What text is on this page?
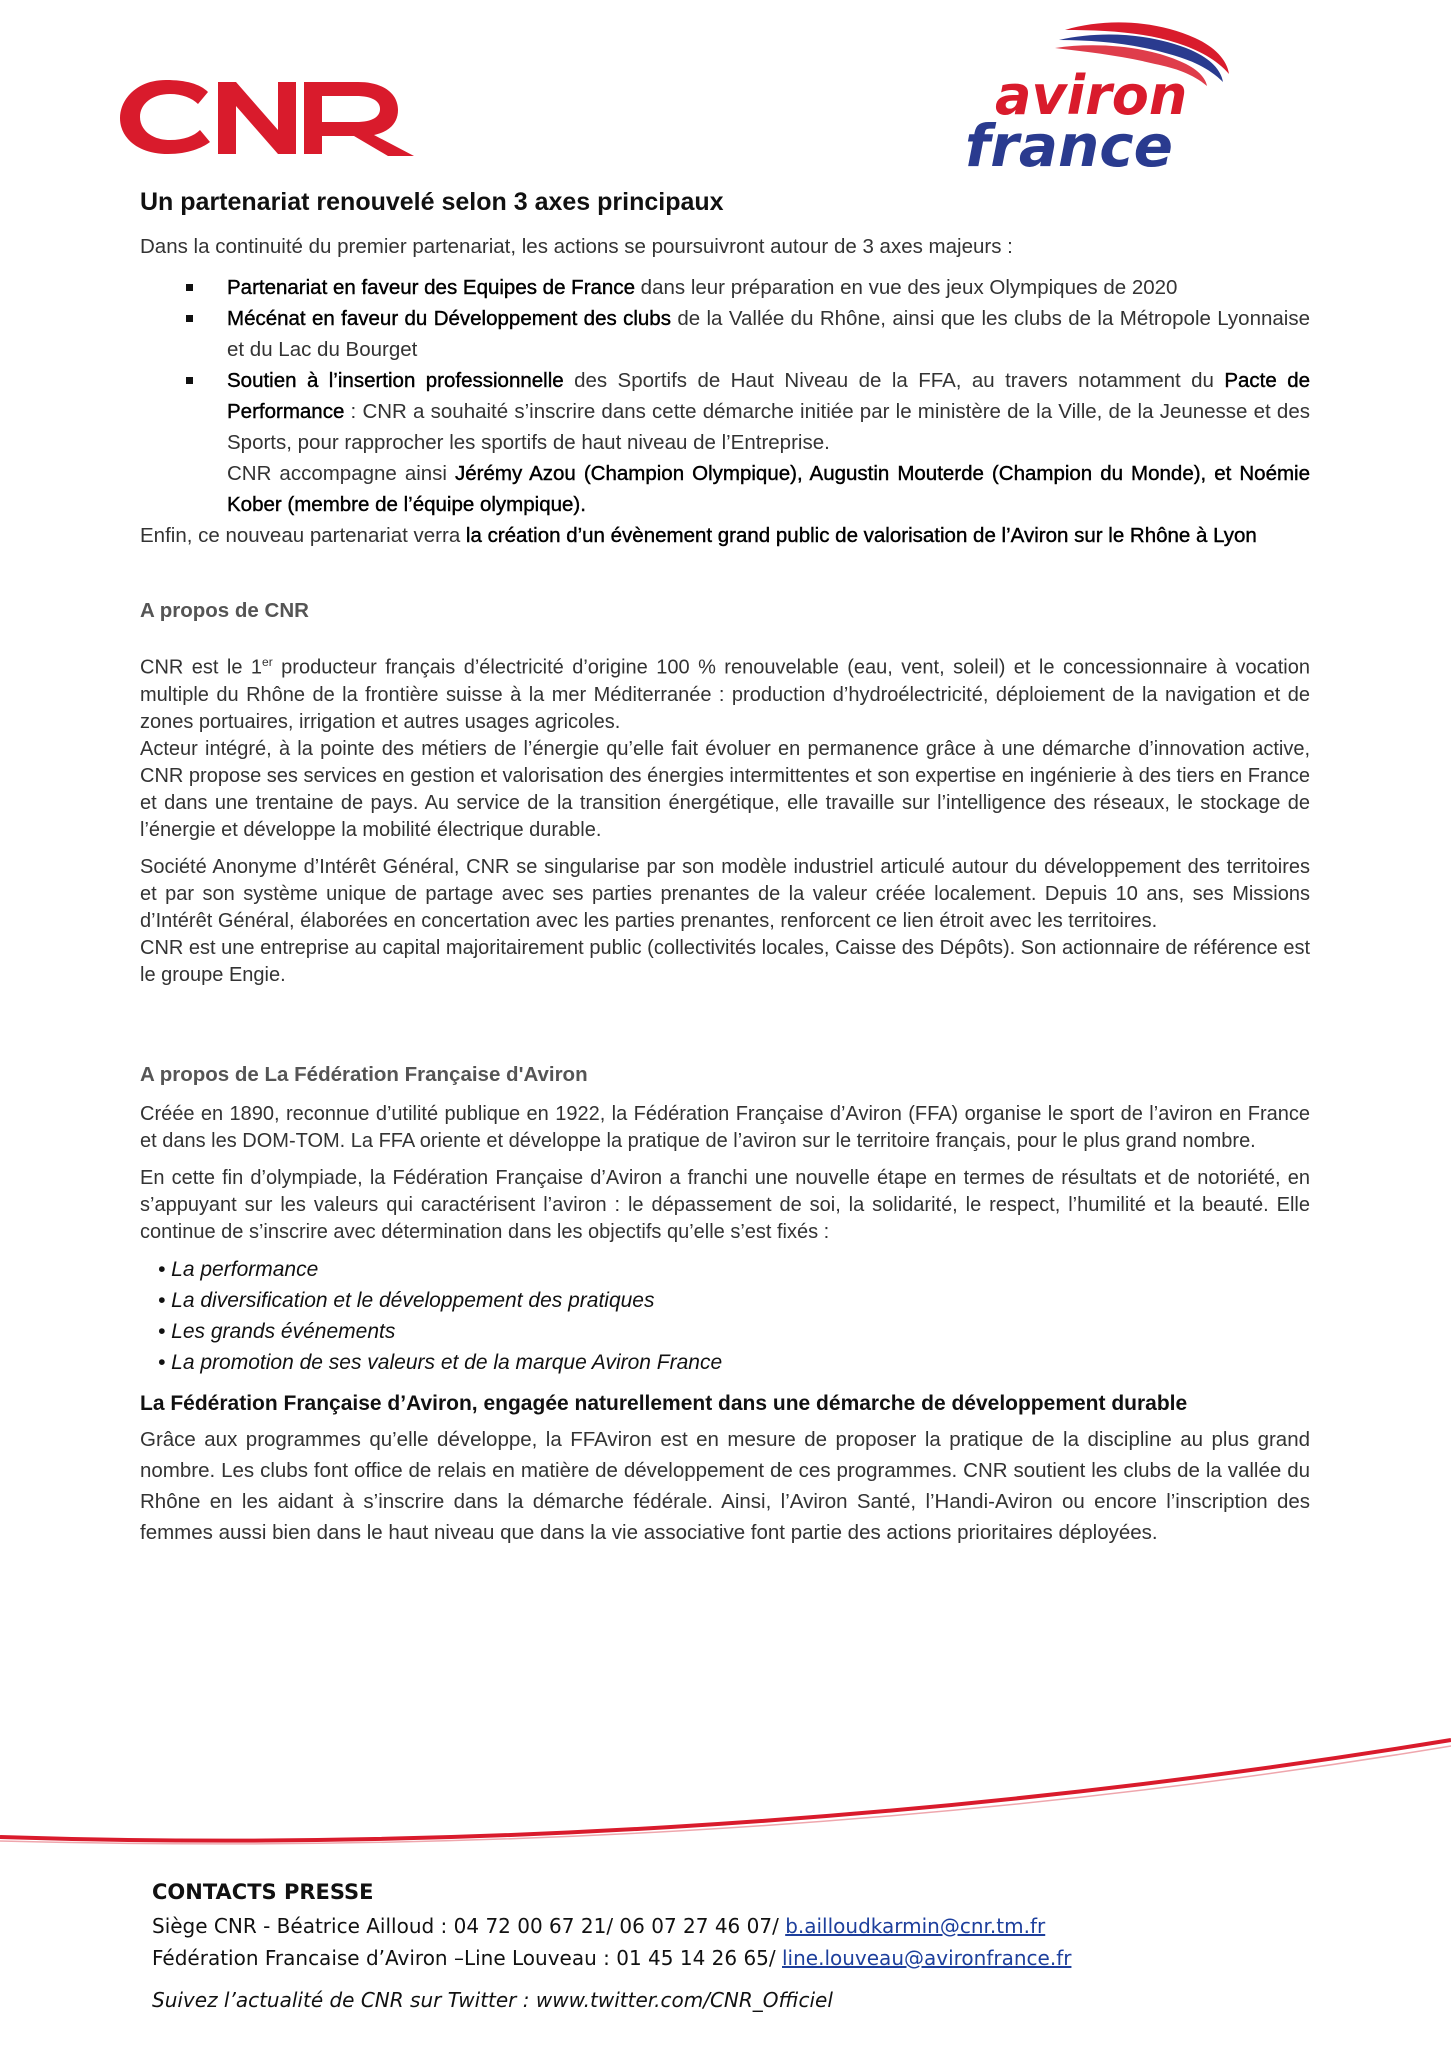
CNR	aviron
france
Un partenariat renouvelé selon 3 axes principaux

Dans la continuité du premier partenariat, les actions se poursuivront autour de 3 axes majeurs :

Partenariat en faveur des Equipes de France dans leur préparation en vue des jeux Olympiques de 2020
Mécénat en faveur du Développement des clubs de la Vallée du Rhône, ainsi que les clubs de la Métropole Lyonnaise et du Lac du Bourget
Soutien à l’insertion professionnelle des Sportifs de Haut Niveau de la FFA, au travers notamment du Pacte de Performance : CNR a souhaité s’inscrire dans cette démarche initiée par le ministère de la Ville, de la Jeunesse et des Sports, pour rapprocher les sportifs de haut niveau de l’Entreprise.
CNR accompagne ainsi Jérémy Azou (Champion Olympique), Augustin Mouterde (Champion du Monde), et Noémie Kober (membre de l’équipe olympique).

Enfin, ce nouveau partenariat verra la création d’un évènement grand public de valorisation de l’Aviron sur le Rhône à Lyon

A propos de CNR

CNR est le 1er producteur français d’électricité d’origine 100 % renouvelable (eau, vent, soleil) et le concessionnaire à vocation multiple du Rhône de la frontière suisse à la mer Méditerranée : production d’hydroélectricité, déploiement de la navigation et de zones portuaires, irrigation et autres usages agricoles.

Acteur intégré, à la pointe des métiers de l’énergie qu’elle fait évoluer en permanence grâce à une démarche d’innovation active, CNR propose ses services en gestion et valorisation des énergies intermittentes et son expertise en ingénierie à des tiers en France et dans une trentaine de pays. Au service de la transition énergétique, elle travaille sur l’intelligence des réseaux, le stockage de l’énergie et développe la mobilité électrique durable.

Société Anonyme d’Intérêt Général, CNR se singularise par son modèle industriel articulé autour du développement des territoires et par son système unique de partage avec ses parties prenantes de la valeur créée localement. Depuis 10 ans, ses Missions d’Intérêt Général, élaborées en concertation avec les parties prenantes, renforcent ce lien étroit avec les territoires.

CNR est une entreprise au capital majoritairement public (collectivités locales, Caisse des Dépôts). Son actionnaire de référence est le groupe Engie.

A propos de La Fédération Française d'Aviron

Créée en 1890, reconnue d’utilité publique en 1922, la Fédération Française d’Aviron (FFA) organise le sport de l’aviron en France et dans les DOM-TOM. La FFA oriente et développe la pratique de l’aviron sur le territoire français, pour le plus grand nombre.

En cette fin d’olympiade, la Fédération Française d’Aviron a franchi une nouvelle étape en termes de résultats et de notoriété, en s’appuyant sur les valeurs qui caractérisent l’aviron : le dépassement de soi, la solidarité, le respect, l’humilité et la beauté. Elle continue de s’inscrire avec détermination dans les objectifs qu’elle s’est fixés :

• La performance
• La diversification et le développement des pratiques
• Les grands événements
• La promotion de ses valeurs et de la marque Aviron France
La Fédération Française d’Aviron, engagée naturellement dans une démarche de développement durable

Grâce aux programmes qu’elle développe, la FFAviron est en mesure de proposer la pratique de la discipline au plus grand nombre. Les clubs font office de relais en matière de développement de ces programmes. CNR soutient les clubs de la vallée du Rhône en les aidant à s’inscrire dans la démarche fédérale. Ainsi, l’Aviron Santé, l’Handi-Aviron ou encore l’inscription des femmes aussi bien dans le haut niveau que dans la vie associative font partie des actions prioritaires déployées.

CONTACTS PRESSE
Siège CNR - Béatrice Ailloud : 04 72 00 67 21/ 06 07 27 46 07/ b.ailloudkarmin@cnr.tm.fr
Fédération Francaise d’Aviron –Line Louveau : 01 45 14 26 65/ line.louveau@avironfrance.fr
Suivez l’actualité de CNR sur Twitter : www.twitter.com/CNR_Officiel
